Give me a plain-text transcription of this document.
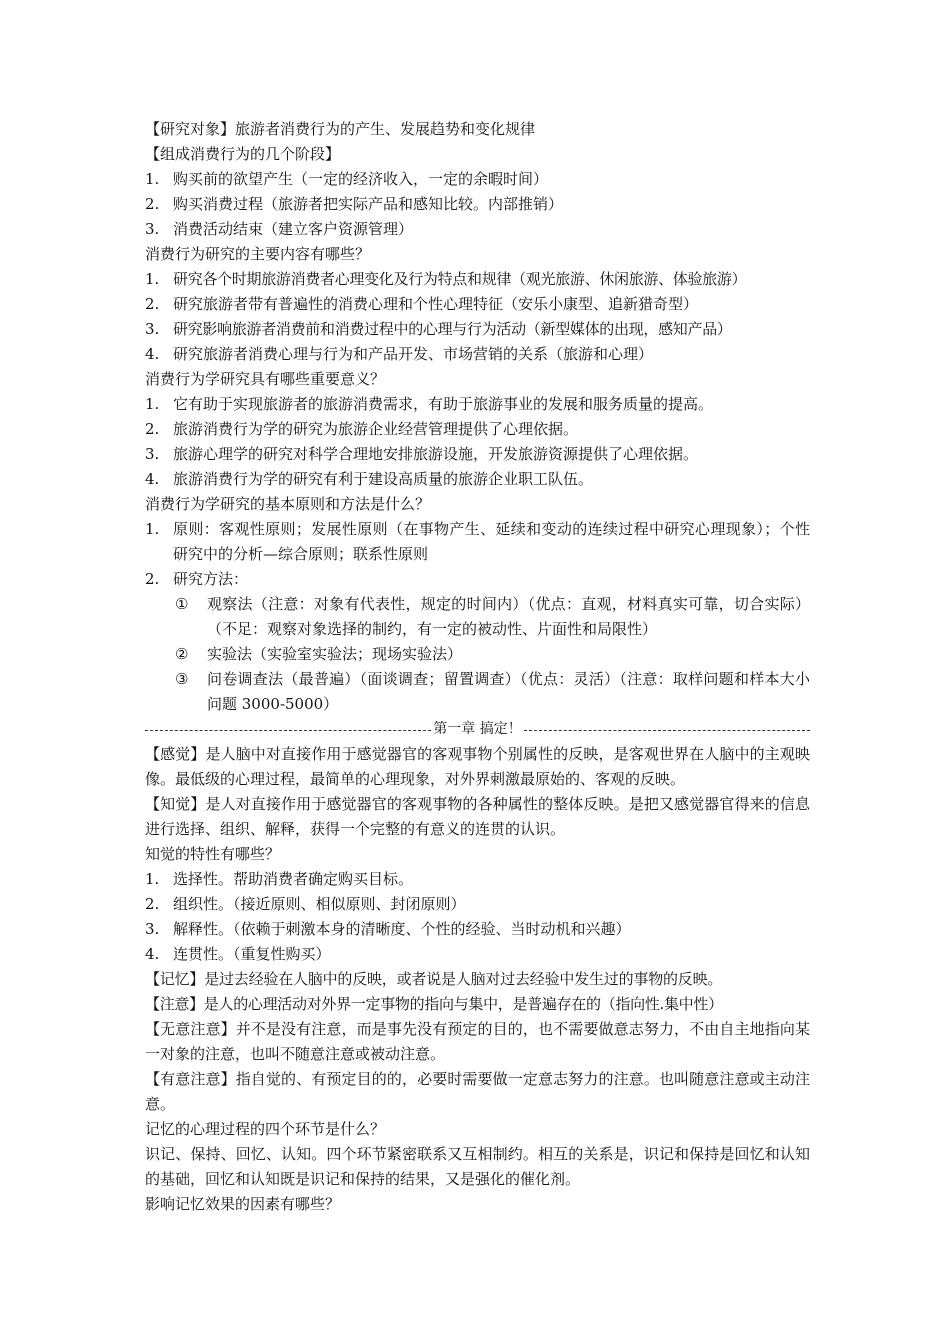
【研究对象】旅游者消费行为的产生、发展趋势和变化规律
【组成消费行为的几个阶段】
1. 购买前的欲望产生（一定的经济收入，一定的余暇时间）
2. 购买消费过程（旅游者把实际产品和感知比较。内部推销）
3. 消费活动结束（建立客户资源管理）
消费行为研究的主要内容有哪些？
1. 研究各个时期旅游消费者心理变化及行为特点和规律（观光旅游、休闲旅游、体验旅游）
2. 研究旅游者带有普遍性的消费心理和个性心理特征（安乐小康型、追新猎奇型）
3. 研究影响旅游者消费前和消费过程中的心理与行为活动（新型媒体的出现，感知产品）
4. 研究旅游者消费心理与行为和产品开发、市场营销的关系（旅游和心理）
消费行为学研究具有哪些重要意义？
1. 它有助于实现旅游者的旅游消费需求，有助于旅游事业的发展和服务质量的提高。
2. 旅游消费行为学的研究为旅游企业经营管理提供了心理依据。
3. 旅游心理学的研究对科学合理地安排旅游设施，开发旅游资源提供了心理依据。
4. 旅游消费行为学的研究有利于建设高质量的旅游企业职工队伍。
消费行为学研究的基本原则和方法是什么？
1. 原则：客观性原则；发展性原则（在事物产生、延续和变动的连续过程中研究心理现象）；个性研究中的分析—综合原则；联系性原则
2. 研究方法：
①	观察法（注意：对象有代表性，规定的时间内）（优点：直观，材料真实可靠，切合实际）（不足：观察对象选择的制约，有一定的被动性、片面性和局限性）
②	实验法（实验室实验法；现场实验法）
③	问卷调查法（最普遍）（面谈调查；留置调查）（优点：灵活）（注意：取样问题和样本大小问题 3000-5000）
第一章 搞定！
【感觉】是人脑中对直接作用于感觉器官的客观事物个别属性的反映，是客观世界在人脑中的主观映像。最低级的心理过程，最简单的心理现象，对外界刺激最原始的、客观的反映。
【知觉】是人对直接作用于感觉器官的客观事物的各种属性的整体反映。是把又感觉器官得来的信息进行选择、组织、解释，获得一个完整的有意义的连贯的认识。
知觉的特性有哪些？
1. 选择性。帮助消费者确定购买目标。
2. 组织性。（接近原则、相似原则、封闭原则）
3. 解释性。（依赖于刺激本身的清晰度、个性的经验、当时动机和兴趣）
4. 连贯性。（重复性购买）
【记忆】是过去经验在人脑中的反映，或者说是人脑对过去经验中发生过的事物的反映。
【注意】是人的心理活动对外界一定事物的指向与集中，是普遍存在的（指向性.集中性）
【无意注意】并不是没有注意，而是事先没有预定的目的，也不需要做意志努力，不由自主地指向某一对象的注意，也叫不随意注意或被动注意。
【有意注意】指自觉的、有预定目的的，必要时需要做一定意志努力的注意。也叫随意注意或主动注意。
记忆的心理过程的四个环节是什么？
识记、保持、回忆、认知。四个环节紧密联系又互相制约。相互的关系是，识记和保持是回忆和认知的基础，回忆和认知既是识记和保持的结果，又是强化的催化剂。
影响记忆效果的因素有哪些？
